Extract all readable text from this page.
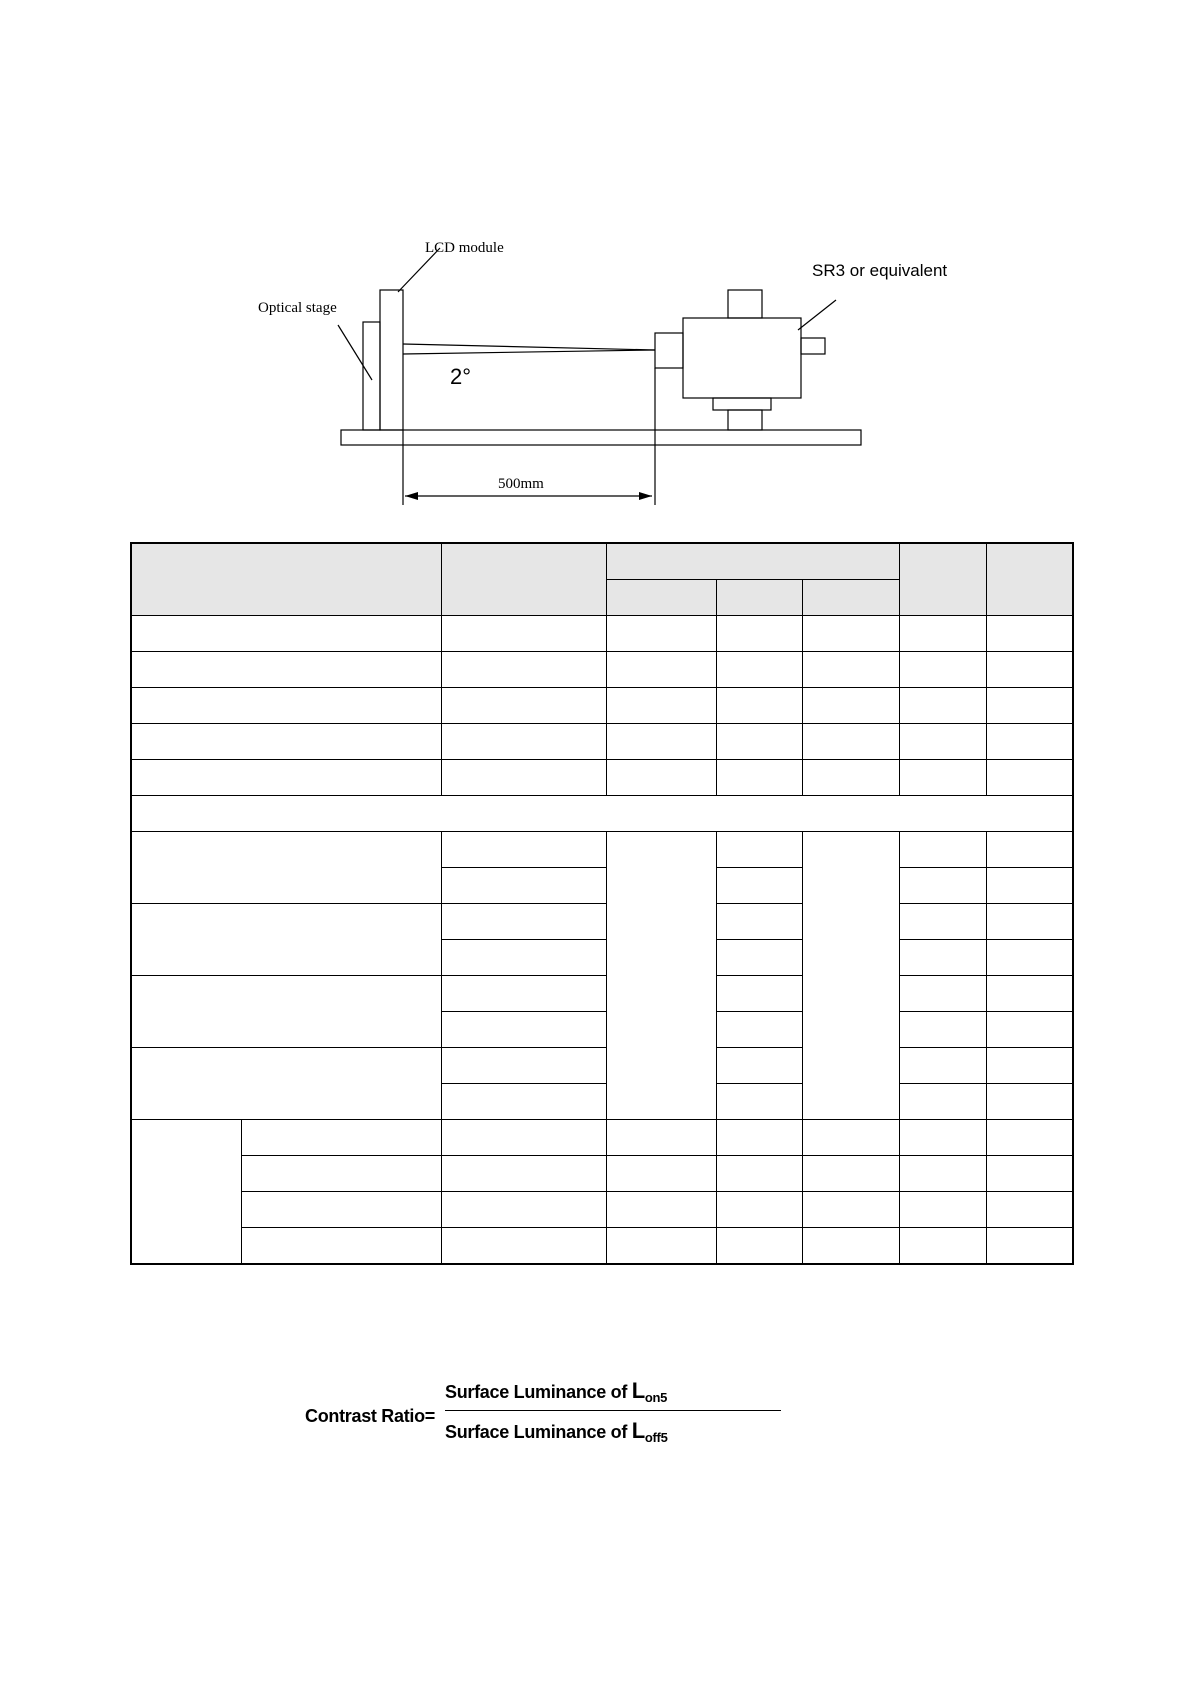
LCD module
Optical stage
SR3 or equivalent
2°
500mm

Contrast Ratio=
Surface Luminance of $L_{on5}$
Surface Luminance of $L_{off5}$
